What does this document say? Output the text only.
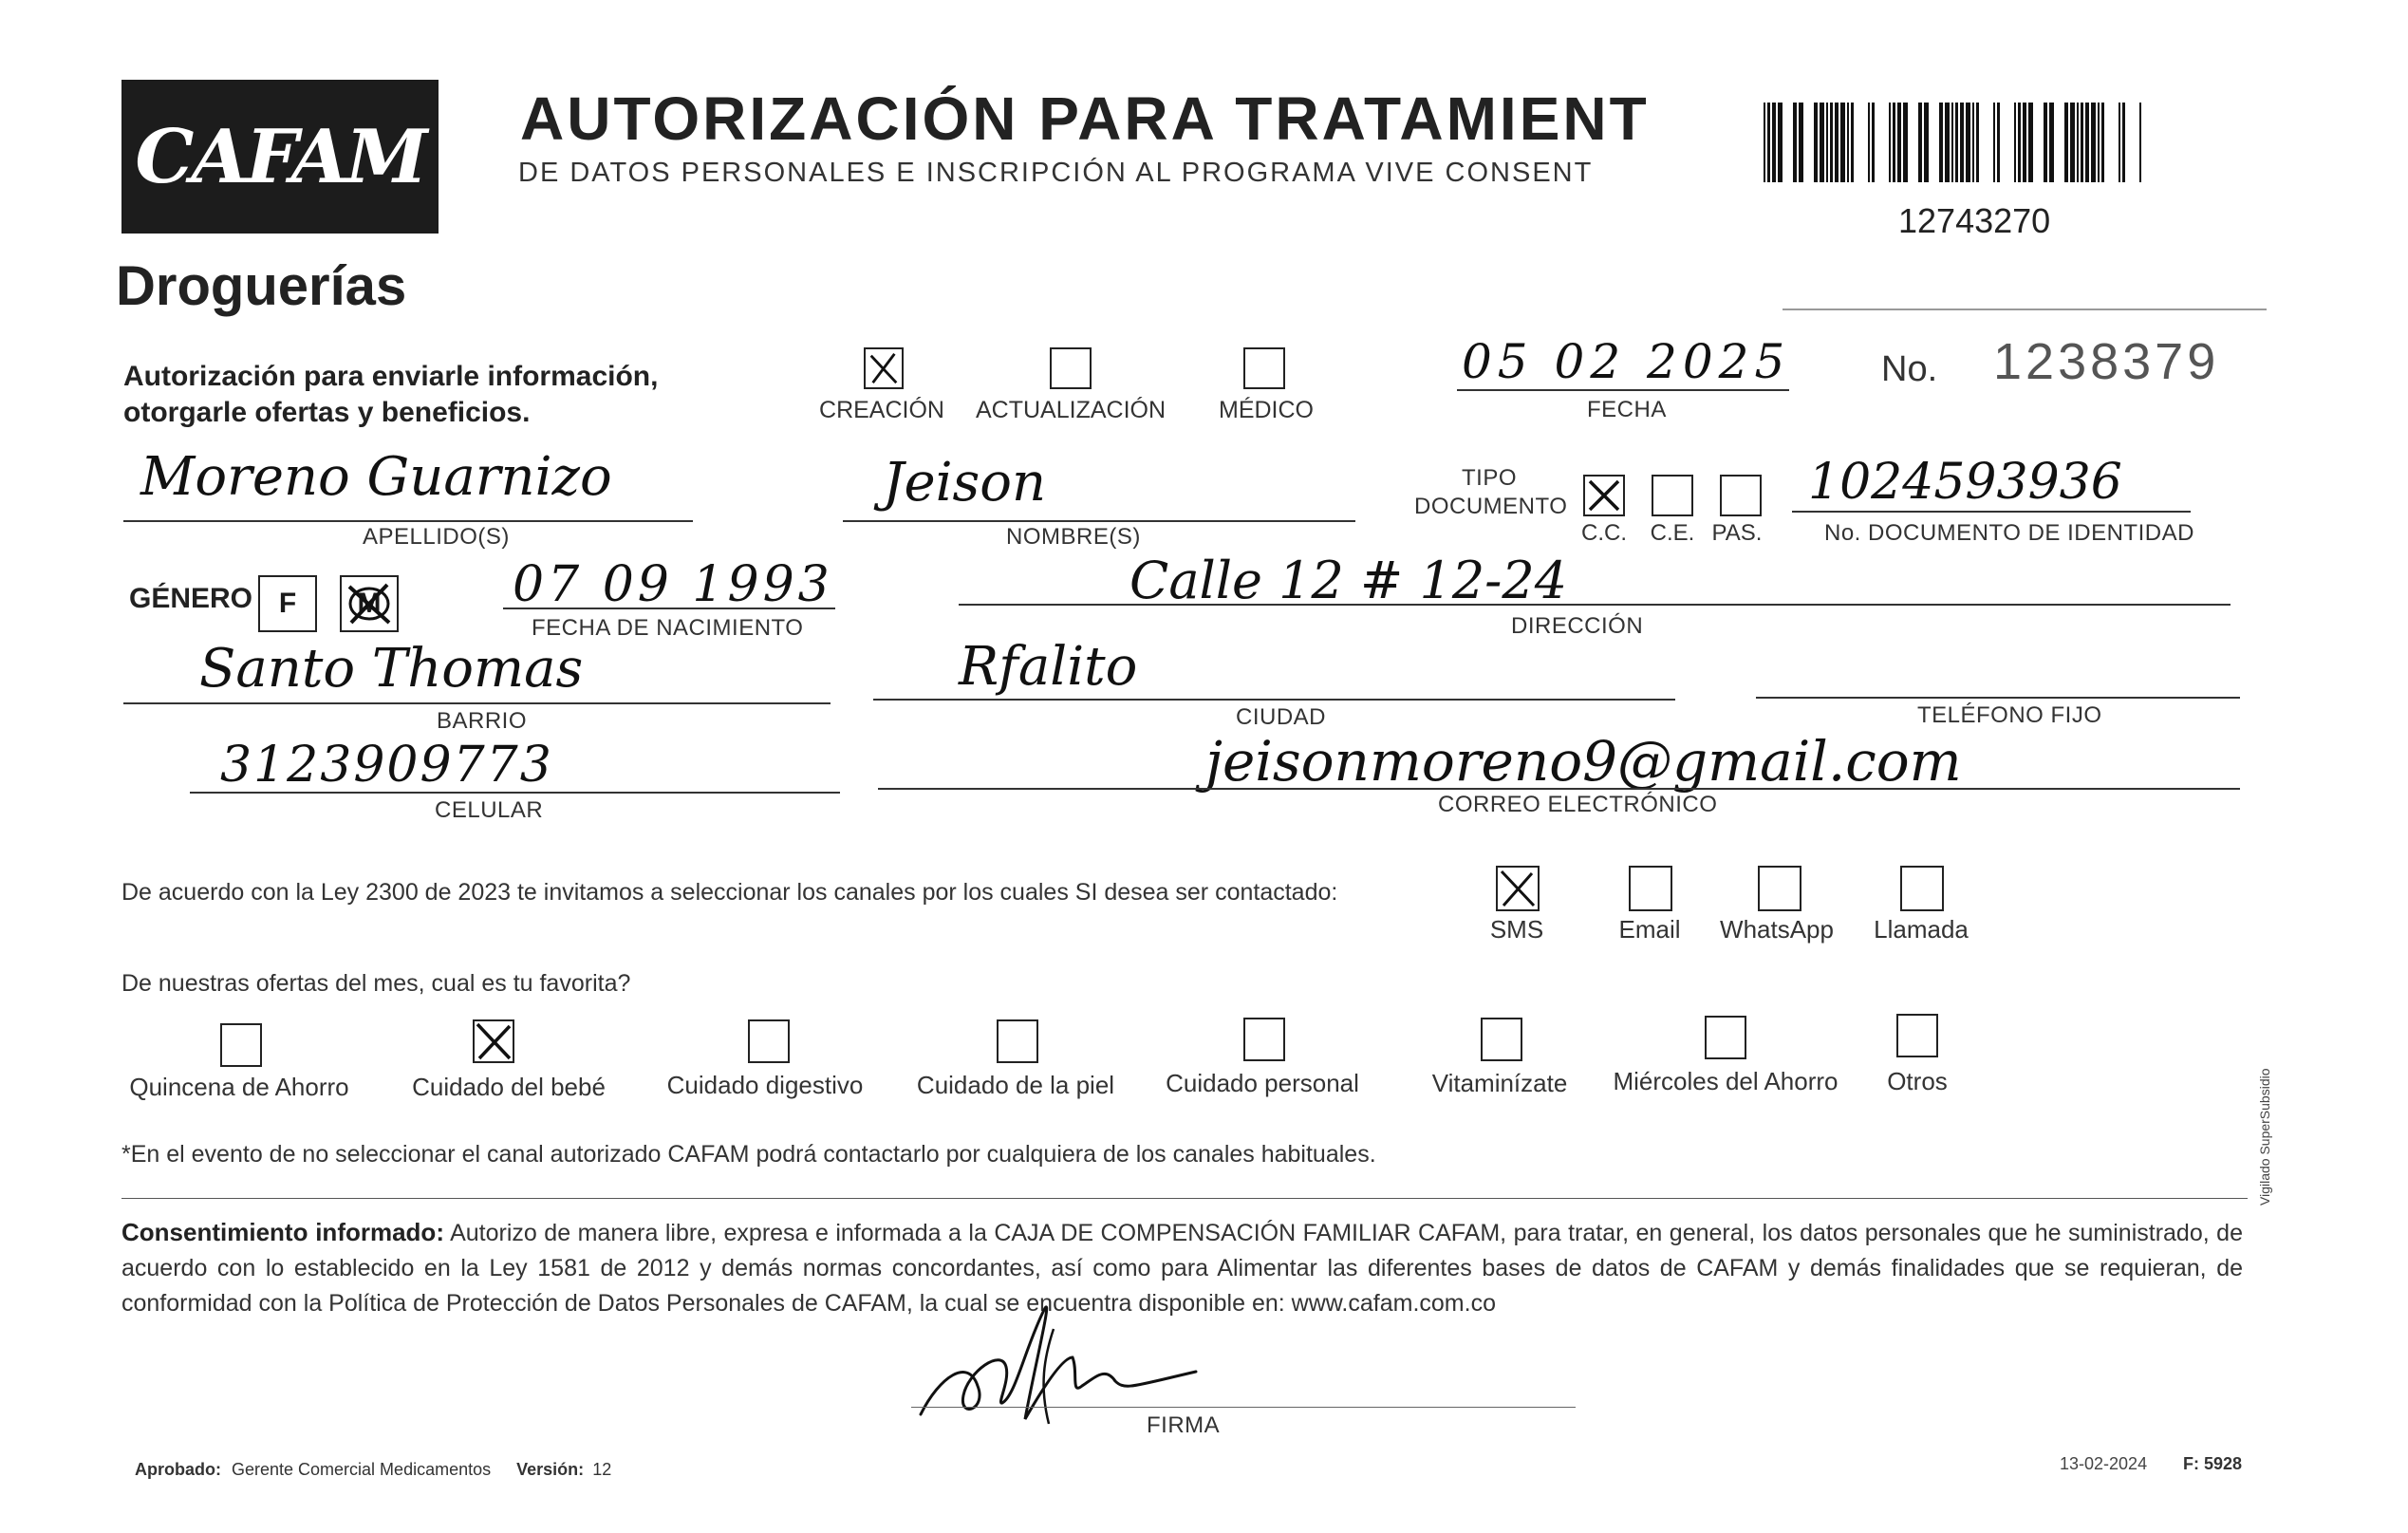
CAFAM
Droguerías
AUTORIZACIÓN PARA TRATAMIENT
DE DATOS PERSONALES E INSCRIPCIÓN AL PROGRAMA VIVE CONSENT
12743270
Autorización para enviarle información,
otorgarle ofertas y beneficios.	CREACIÓN ACTUALIZACIÓN MÉDICO
05 02 2025
FECHA
No. 1238379
Moreno Guarnizo
APELLIDO(S)
Jeison
NOMBRE(S)
TIPO
DOCUMENTO
C.C. C.E. PAS.
1024593936
No. DOCUMENTO DE IDENTIDAD
GÉNERO F M	07 09 1993
FECHA DE NACIMIENTO
Calle 12 # 12-24
DIRECCIÓN
Santo Thomas
BARRIO
Rfalito
CIUDAD	TELÉFONO FIJO
3123909773
CELULAR
jeisonmoreno9@gmail.com
CORREO ELECTRÓNICO
De acuerdo con la Ley 2300 de 2023 te invitamos a seleccionar los canales por los cuales SI desea ser contactado:
SMS	Email WhatsApp Llamada
De nuestras ofertas del mes, cual es tu favorita?
Quincena de Ahorro	Cuidado del bebé Cuidado digestivo Cuidado de la piel Cuidado personal	Vitaminízate Miércoles del Ahorro Otros
*En el evento de no seleccionar el canal autorizado CAFAM podrá contactarlo por cualquiera de los canales habituales.
Consentimiento informado: Autorizo de manera libre, expresa e informada a la CAJA DE COMPENSACIÓN FAMILIAR CAFAM, para tratar, en general, los datos personales que he suministrado, de acuerdo con lo establecido en la Ley 1581 de 2012 y demás normas concordantes, así como para Alimentar las diferentes bases de datos de CAFAM y demás finalidades que se requieran, de conformidad con la Política de Protección de Datos Personales de CAFAM, la cual se encuentra disponible en: www.cafam.com.co
FIRMA
Aprobado: Gerente Comercial Medicamentos Versión: 12	13-02-2024 F: 5928
Vigilado SuperSubsidio
